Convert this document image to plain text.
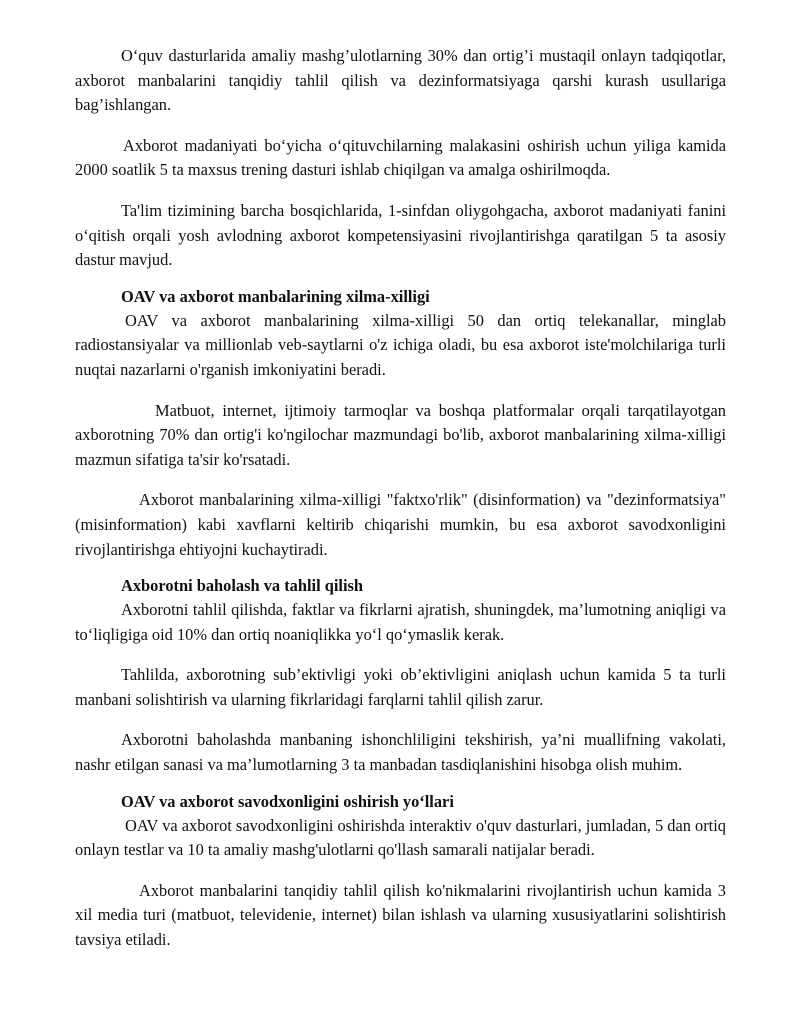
O‘quv dasturlarida amaliy mashg’ulotlarning 30% dan ortig’i mustaqil onlayn tadqiqotlar, axborot manbalarini tanqidiy tahlil qilish va dezinformatsiyaga qarshi kurash usullariga bag’ishlangan.

Axborot madaniyati bo‘yicha o‘qituvchilarning malakasini oshirish uchun yiliga kamida 2000 soatlik 5 ta maxsus trening dasturi ishlab chiqilgan va amalga oshirilmoqda.

Ta'lim tizimining barcha bosqichlarida, 1-sinfdan oliygohgacha, axborot madaniyati fanini o‘qitish orqali yosh avlodning axborot kompetensiyasini rivojlantirishga qaratilgan 5 ta asosiy dastur mavjud.

OAV va axborot manbalarining xilma-xilligi

OAV va axborot manbalarining xilma-xilligi 50 dan ortiq telekanallar, minglab radiostansiyalar va millionlab veb-saytlarni o'z ichiga oladi, bu esa axborot iste'molchilariga turli nuqtai nazarlarni o'rganish imkoniyatini beradi.

Matbuot, internet, ijtimoiy tarmoqlar va boshqa platformalar orqali tarqatilayotgan axborotning 70% dan ortig'i ko'ngilochar mazmundagi bo'lib, axborot manbalarining xilma-xilligi mazmun sifatiga ta'sir ko'rsatadi.

Axborot manbalarining xilma-xilligi "faktxo'rlik" (disinformation) va "dezinformatsiya" (misinformation) kabi xavflarni keltirib chiqarishi mumkin, bu esa axborot savodxonligini rivojlantirishga ehtiyojni kuchaytiradi.

Axborotni baholash va tahlil qilish

Axborotni tahlil qilishda, faktlar va fikrlarni ajratish, shuningdek, ma’lumotning aniqligi va to‘liqligiga oid 10% dan ortiq noaniqlikka yo‘l qo‘ymaslik kerak.

Tahlilda, axborotning sub’ektivligi yoki ob’ektivligini aniqlash uchun kamida 5 ta turli manbani solishtirish va ularning fikrlaridagi farqlarni tahlil qilish zarur.

Axborotni baholashda manbaning ishonchliligini tekshirish, ya’ni muallifning vakolati, nashr etilgan sanasi va ma’lumotlarning 3 ta manbadan tasdiqlanishini hisobga olish muhim.

OAV va axborot savodxonligini oshirish yo‘llari

OAV va axborot savodxonligini oshirishda interaktiv o'quv dasturlari, jumladan, 5 dan ortiq onlayn testlar va 10 ta amaliy mashg'ulotlarni qo'llash samarali natijalar beradi.

Axborot manbalarini tanqidiy tahlil qilish ko'nikmalarini rivojlantirish uchun kamida 3 xil media turi (matbuot, televidenie, internet) bilan ishlash va ularning xususiyatlarini solishtirish tavsiya etiladi.
